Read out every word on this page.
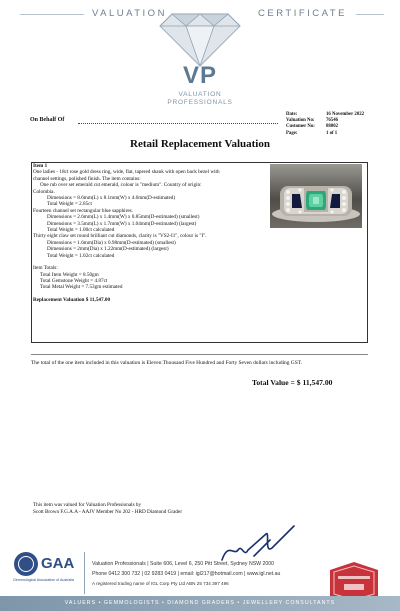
VALUATION	CERTIFICATE
VP
VALUATION
PROFESSIONALS
On Behalf Of
Date:	16 November 2022
Valuation No: 76546
Customer No: 88002
Page:	1 of 1
Retail Replacement Valuation
Item 1
One ladies - 18ct rose gold dress ring, wide, flat, tapered shank with open back bezel with
channel settings, polished finish. The item contains:
One rub over set emerald cut emerald, colour is "medium". Country of origin:
Colombia.
Dimensions = 8.6mm(L) x 8.1mm(W) x 4.6mm(D-estimated)
Total Weight = 2.85ct
Fourteen channel set rectangular blue sapphires.
Dimensions = 2.6mm(L) x 1.4mm(W) x 0.85mm(D-estimated) (smallest)
Dimensions = 3.5mm(L) x 1.7mm(W) x 1.04mm(D-estimated) (largest)
Total Weight = 1.00ct calculated
Thirty eight claw set round brilliant cut diamonds, clarity is "VS2-I1", colour is "I".
Dimensions = 1.6mm(Dia) x 0.98mm(D-estimated) (smallest)
Dimensions = 2mm(Dia) x 1.22mm(D-estimated) (largest)
Total Weight = 1.02ct calculated
Item Totals:
Total Item Weight = 8.50gm
Total Gemstone Weight = 4.87ct
Total Metal Weight = 7.53gm estimated
Replacement Valuation $ 11,547.00
The total of the one item included in this valuation is Eleven Thousand Five Hundred and Forty Seven dollars including GST.
Total Value = $ 11,547.00
This item was valued for Valuation Professionals by
Scott Brown F.G.A.A - AAJV Member No 202 - HRD Diamond Grader
GAA
Gemmological Association of Australia
Valuation Professionals | Suite 606, Level 6, 250 Pitt Street, Sydney NSW 2000
Phone 0412 300 732 | 02 9283 0419 | email: igl217@hotmail.com | www.igl.net.au
A registered trading name of IGL Corp Pty Ltd ABN 25 734 397 496
VALUERS • GEMMOLOGISTS • DIAMOND GRADERS • JEWELLERY CONSULTANTS
